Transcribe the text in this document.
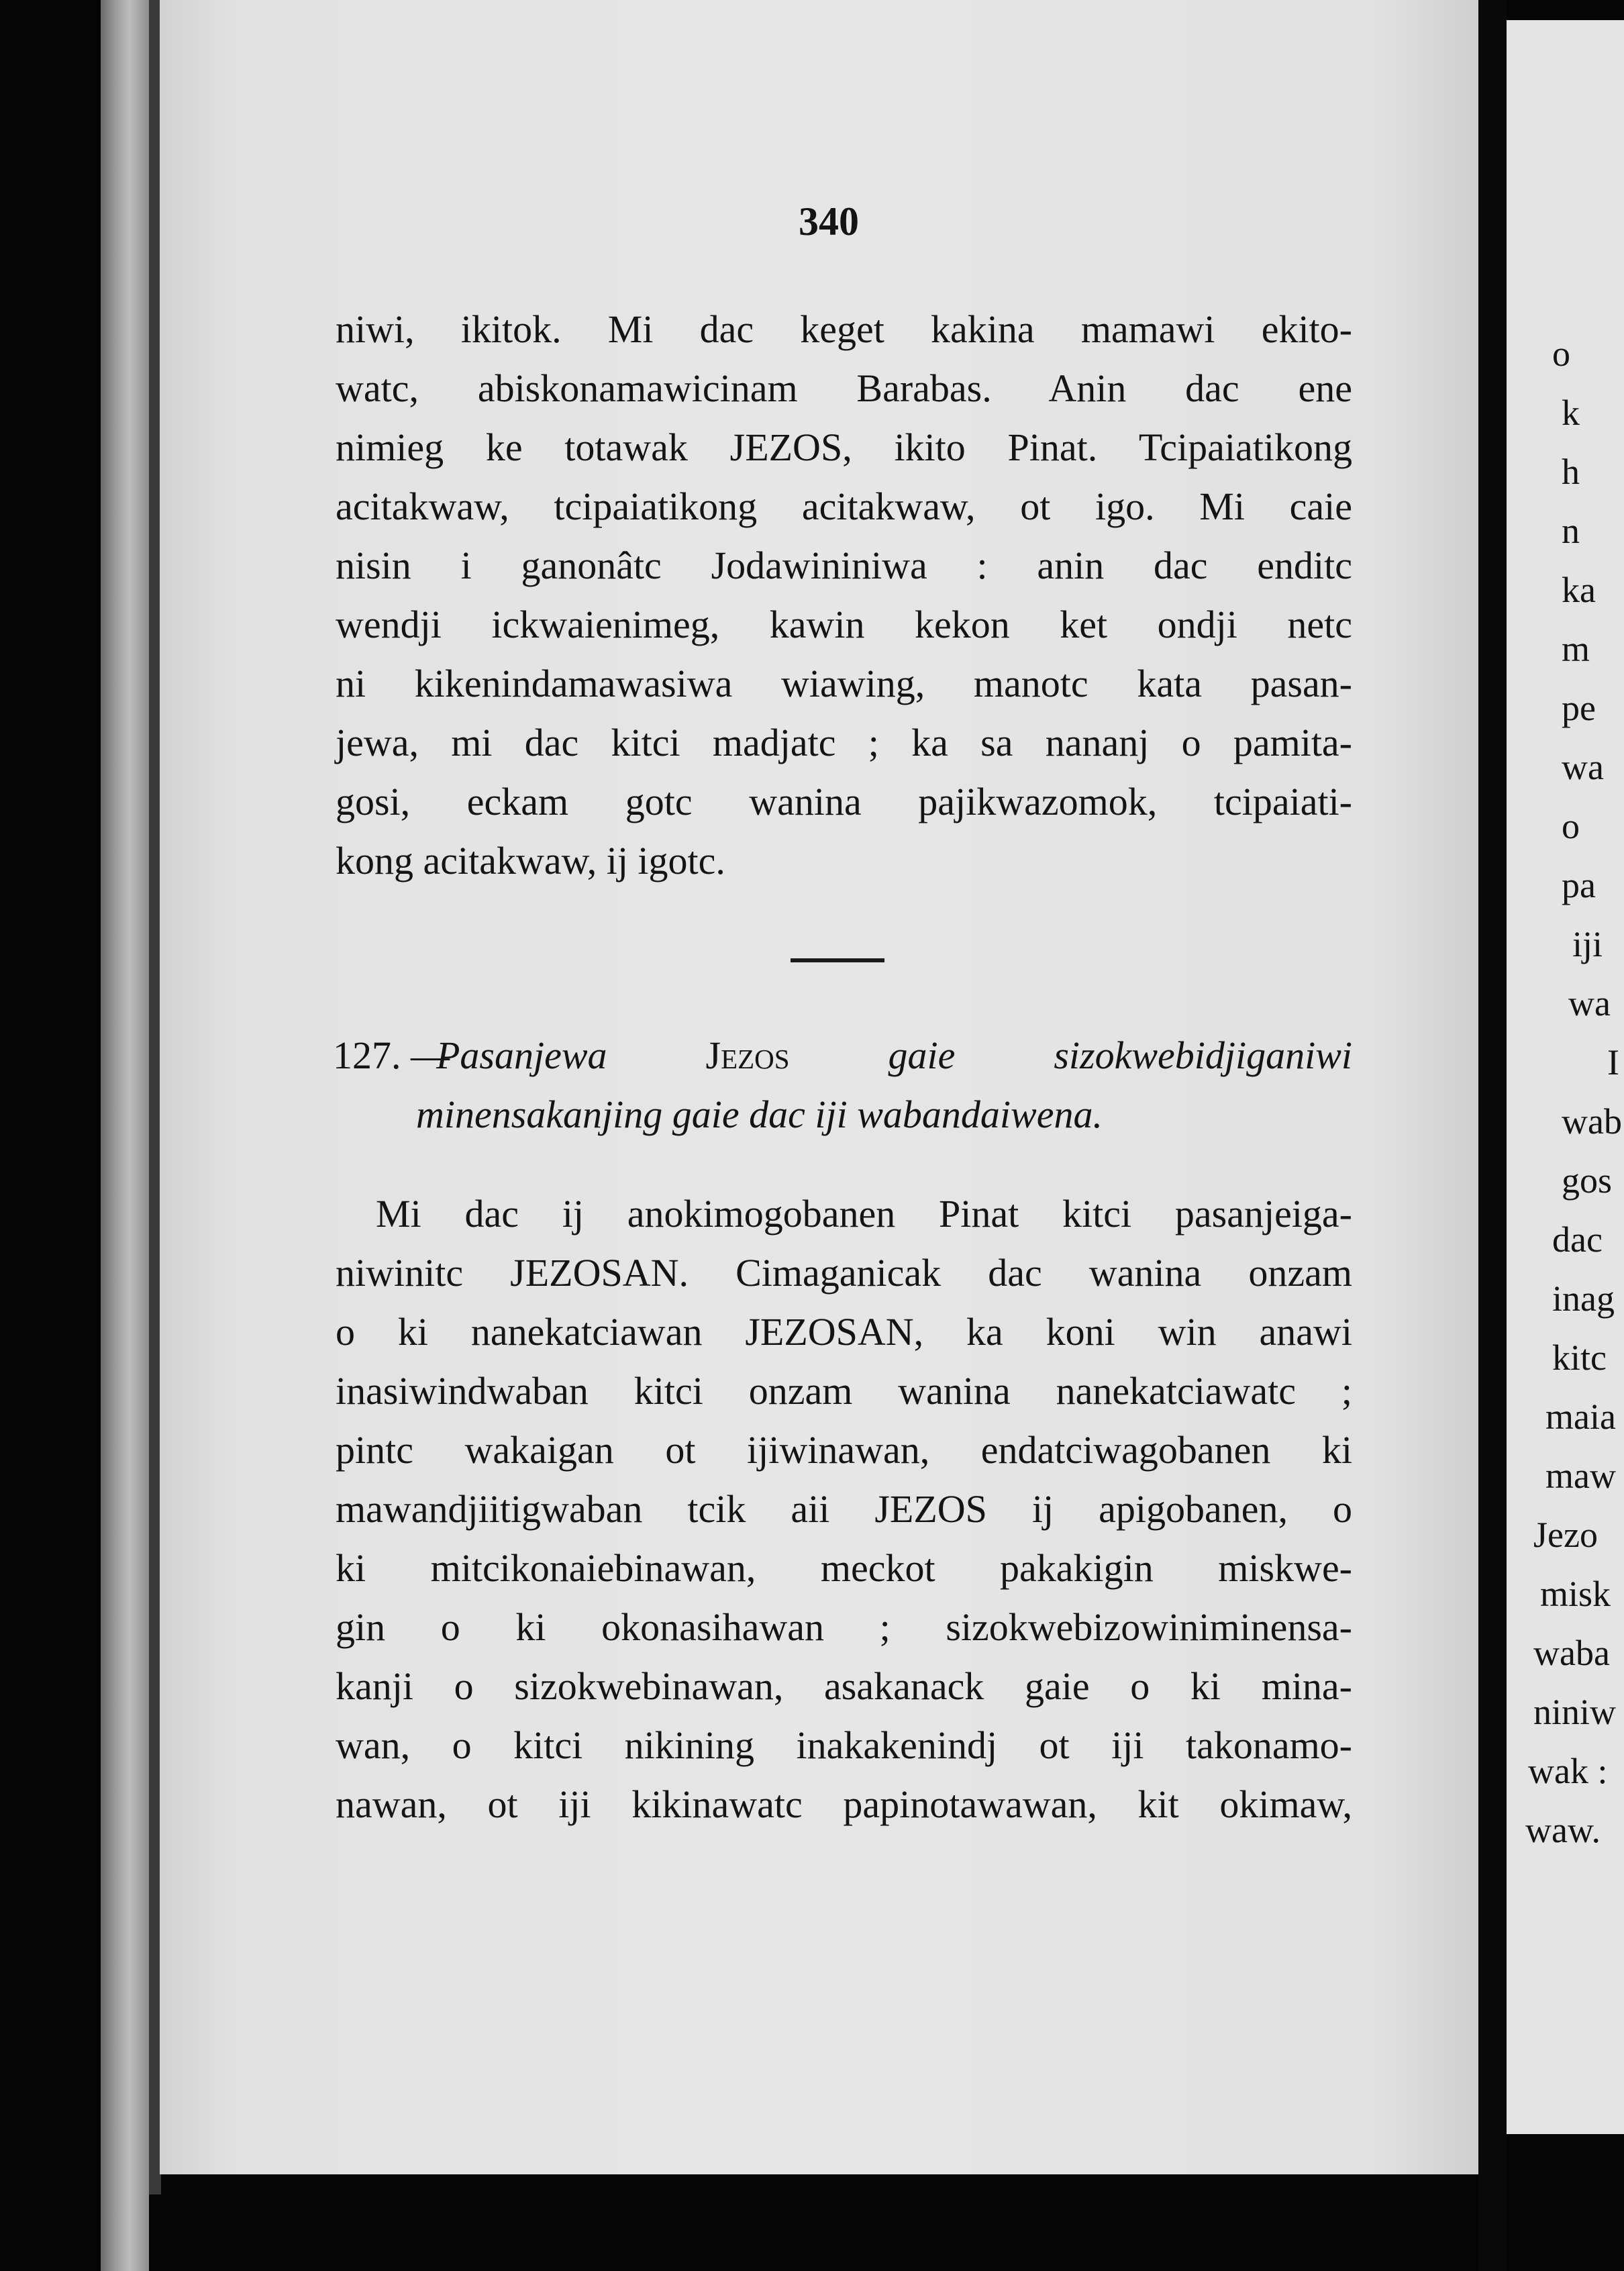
340
niwi, ikitok. Mi dac keget kakina mamawi ekito-
watc, abiskonamawicinam Barabas. Anin dac ene
nimieg ke totawak JEZOS, ikito Pinat. Tcipaiatikong
acitakwaw, tcipaiatikong acitakwaw, ot igo. Mi caie
nisin i ganonâtc Jodawininiwa : anin dac enditc
wendji ickwaienimeg, kawin kekon ket ondji netc
ni kikenindamawasiwa wiawing, manotc kata pasan-
jewa, mi dac kitci madjatc ; ka sa nananj o pamita-
gosi, eckam gotc wanina pajikwazomok, tcipaiati-
kong acitakwaw, ij igotc.
127. —
Pasanjewa	Jezos	gaie sizokwebidjiganiwi
minensakanjing gaie dac iji wabandaiwena.
Mi dac ij anokimogobanen Pinat kitci pasanjeiga-
niwinitc JEZOSAN. Cimaganicak dac wanina onzam
o ki nanekatciawan JEZOSAN, ka koni win anawi
inasiwindwaban kitci onzam wanina nanekatciawatc ;
pintc wakaigan ot ijiwinawan, endatciwagobanen ki
mawandjiitigwaban tcik aii JEZOS ij apigobanen, o
ki mitcikonaiebinawan, meckot pakakigin miskwe-
gin o ki okonasihawan ; sizokwebizowiniminensa-
kanji o sizokwebinawan, asakanack gaie o ki mina-
wan, o kitci nikining inakakenindj ot iji takonamo-
nawan, ot iji kikinawatc papinotawawan, kit okimaw,
o
k
h
n
ka
m
pe
wa
o
pa
iji
wa
I
wab
gos
dac
inag
kitc
maia
maw
Jezo
misk
waba
niniw
wak :
waw.
